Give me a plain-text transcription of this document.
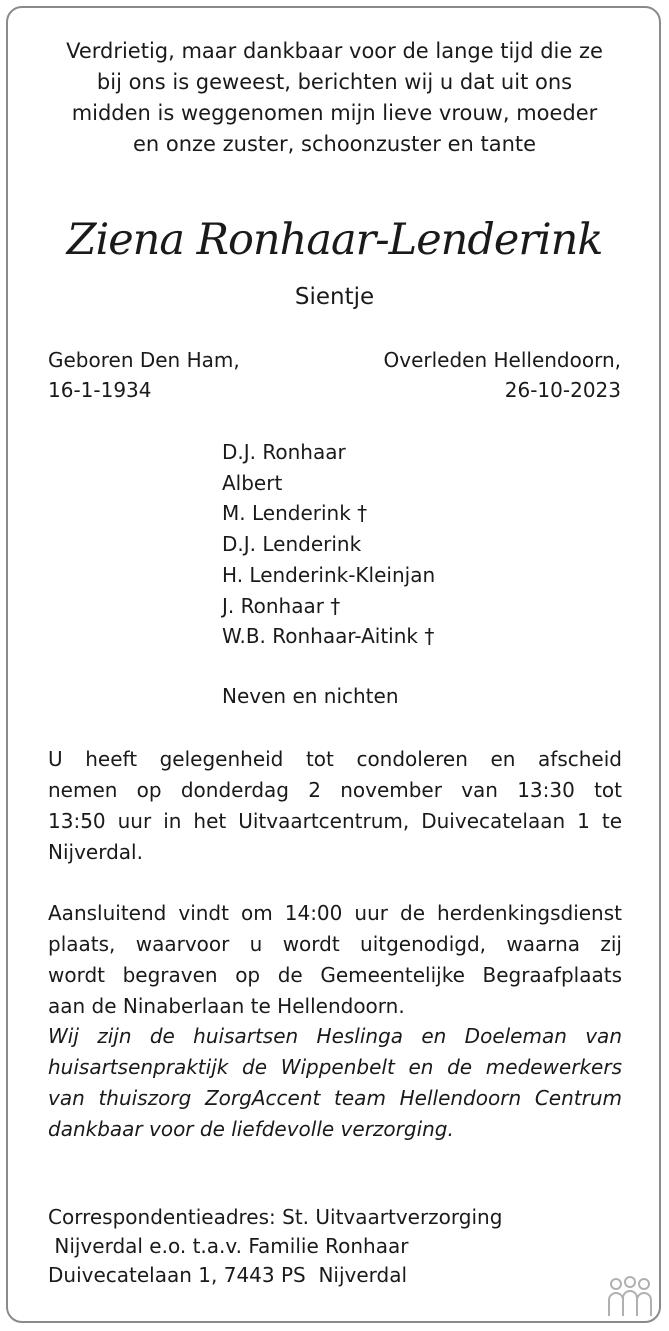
Verdrietig, maar dankbaar voor de lange tijd die ze
bij ons is geweest, berichten wij u dat uit ons
midden is weggenomen mijn lieve vrouw, moeder
en onze zuster, schoonzuster en tante
Ziena Ronhaar-Lenderink
Sientje
Geboren Den Ham,
16-1-1934
Overleden Hellendoorn,
26-10-2023
D.J. Ronhaar
Albert
M. Lenderink †
D.J. Lenderink
H. Lenderink-Kleinjan
J. Ronhaar †
W.B. Ronhaar-Aitink †
Neven en nichten
U heeft gelegenheid tot condoleren en afscheid
nemen op donderdag 2 november van 13:30 tot
13:50 uur in het Uitvaartcentrum, Duivecatelaan 1 te
Nijverdal.
Aansluitend vindt om 14:00 uur de herdenkingsdienst
plaats, waarvoor u wordt uitgenodigd, waarna zij
wordt begraven op de Gemeentelijke Begraafplaats
aan de Ninaberlaan te Hellendoorn.
Wij zijn de huisartsen Heslinga en Doeleman van
huisartsenpraktijk de Wippenbelt en de medewerkers
van thuiszorg ZorgAccent team Hellendoorn Centrum
dankbaar voor de liefdevolle verzorging.
Correspondentieadres: St. Uitvaartverzorging
Nijverdal e.o. t.a.v. Familie Ronhaar
Duivecatelaan 1, 7443 PS  Nijverdal
